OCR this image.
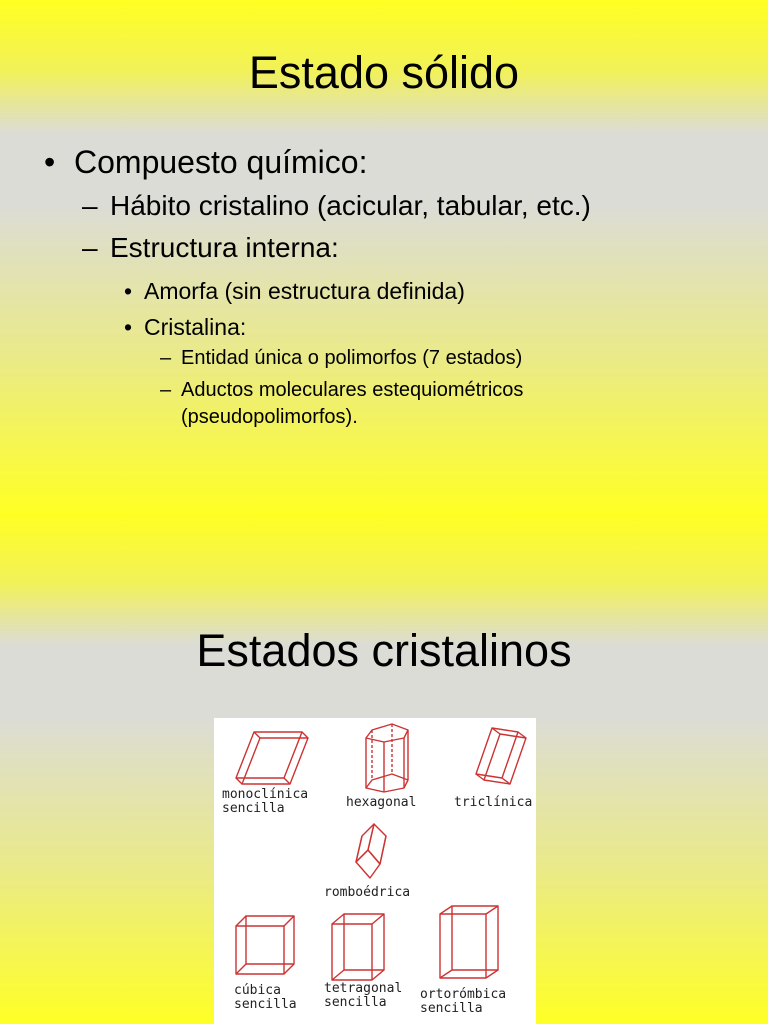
Estado sólido
• Compuesto químico:
– Hábito cristalino (acicular, tabular, etc.)
– Estructura interna:
• Amorfa (sin estructura definida)
• Cristalina:
– Entidad única o polimorfos (7 estados)
– Aductos moleculares estequiométricos
(pseudopolimorfos).
Estados cristalinos
monoclínica
sencilla	hexagonal	triclínica
romboédrica
cúbica
sencilla
tetragonal
sencilla
ortorómbica
sencilla
